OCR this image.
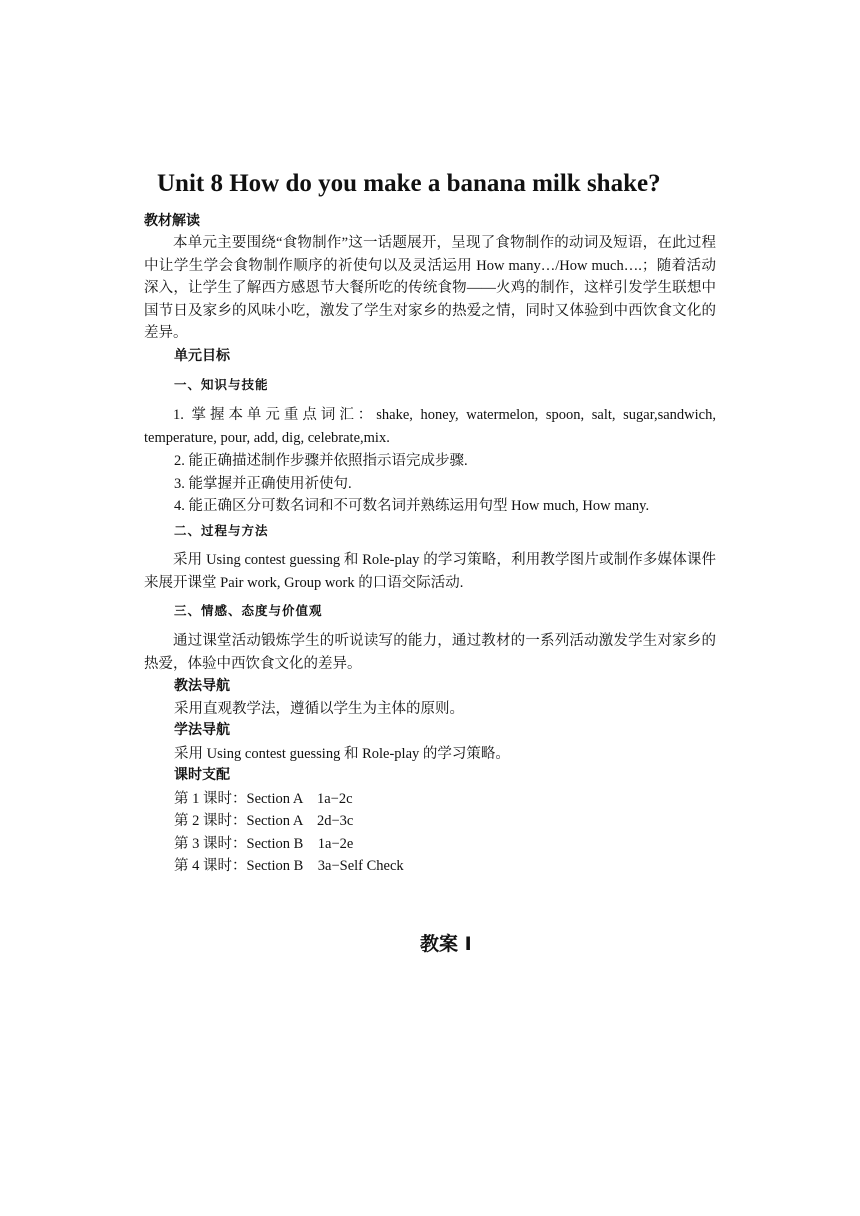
Unit 8 How do you make a banana milk shake?
教材解读

本单元主要围绕“食物制作”这一话题展开，呈现了食物制作的动词及短语，在此过程中让学生学会食物制作顺序的祈使句以及灵活运用 How many…/How much….；随着活动深入，让学生了解西方感恩节大餐所吃的传统食物——火鸡的制作，这样引发学生联想中国节日及家乡的风味小吃，激发了学生对家乡的热爱之情，同时又体验到中西饮食文化的差异。

单元目标
一、知识与技能

1. 掌握本单元重点词汇：shake, honey, watermelon, spoon, salt, sugar,sandwich, temperature, pour, add, dig, celebrate,mix.

2. 能正确描述制作步骤并依照指示语完成步骤.
3. 能掌握并正确使用祈使句.
4. 能正确区分可数名词和不可数名词并熟练运用句型 How much, How many.
二、过程与方法

采用 Using contest guessing 和 Role-play 的学习策略，利用教学图片或制作多媒体课件来展开课堂 Pair work, Group work 的口语交际活动.

三、情感、态度与价值观

通过课堂活动锻炼学生的听说读写的能力，通过教材的一系列活动激发学生对家乡的热爱，体验中西饮食文化的差异。

教法导航
采用直观教学法，遵循以学生为主体的原则。
学法导航
采用 Using contest guessing 和 Role-play 的学习策略。
课时支配
第 1 课时：Section A　1a−2c
第 2 课时：Section A　2d−3c
第 3 课时：Section B　1a−2e
第 4 课时：Section B　3a−Self Check
教案 I
